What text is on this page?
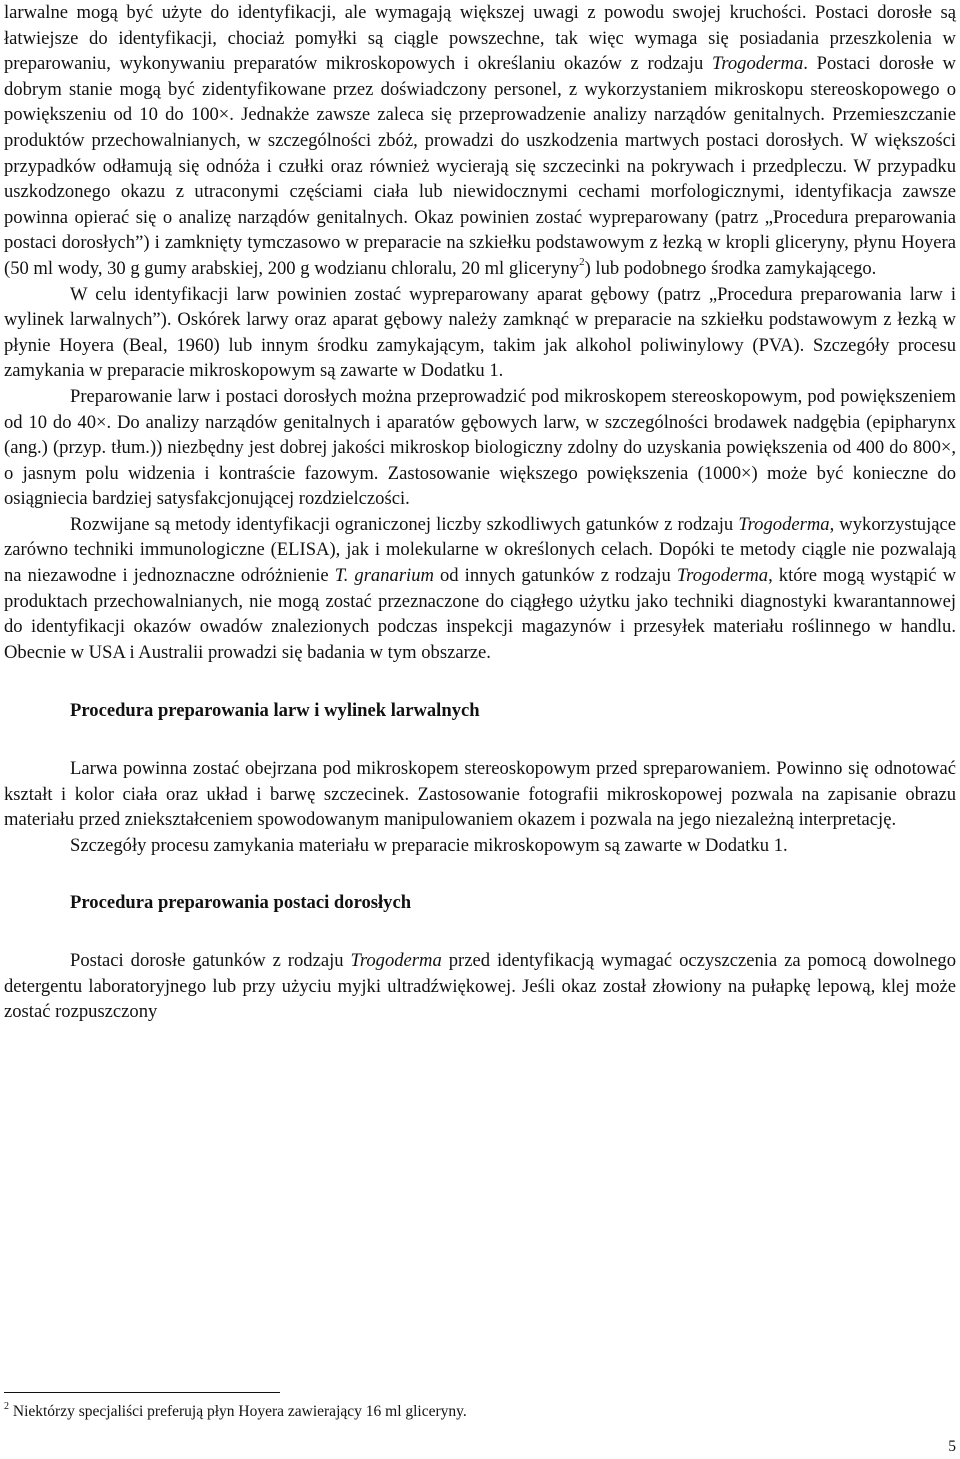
larwalne mogą być użyte do identyfikacji, ale wymagają większej uwagi z powodu swojej kruchości. Postaci dorosłe są łatwiejsze do identyfikacji, chociaż pomyłki są ciągle powszechne, tak więc wymaga się posiadania przeszkolenia w preparowaniu, wykonywaniu preparatów mikroskopowych i określaniu okazów z rodzaju Trogoderma. Postaci dorosłe w dobrym stanie mogą być zidentyfikowane przez doświadczony personel, z wykorzystaniem mikroskopu stereoskopowego o powiększeniu od 10 do 100×. Jednakże zawsze zaleca się przeprowadzenie analizy narządów genitalnych. Przemieszczanie produktów przechowalnianych, w szczególności zbóż, prowadzi do uszkodzenia martwych postaci dorosłych. W większości przypadków odłamują się odnóża i czułki oraz również wycierają się szczecinki na pokrywach i przedpleczu. W przypadku uszkodzonego okazu z utraconymi częściami ciała lub niewidocznymi cechami morfologicznymi, identyfikacja zawsze powinna opierać się o analizę narządów genitalnych. Okaz powinien zostać wypreparowany (patrz „Procedura preparowania postaci dorosłych”) i zamknięty tymczasowo w preparacie na szkiełku podstawowym z łezką w kropli gliceryny, płynu Hoyera (50 ml wody, 30 g gumy arabskiej, 200 g wodzianu chloralu, 20 ml gliceryny$^2$) lub podobnego środka zamykającego.

W celu identyfikacji larw powinien zostać wypreparowany aparat gębowy (patrz „Procedura preparowania larw i wylinek larwalnych”). Oskórek larwy oraz aparat gębowy należy zamknąć w preparacie na szkiełku podstawowym z łezką w płynie Hoyera (Beal, 1960) lub innym środku zamykającym, takim jak alkohol poliwinylowy (PVA). Szczegóły procesu zamykania w preparacie mikroskopowym są zawarte w Dodatku 1.

Preparowanie larw i postaci dorosłych można przeprowadzić pod mikroskopem stereoskopowym, pod powiększeniem od 10 do 40×. Do analizy narządów genitalnych i aparatów gębowych larw, w szczególności brodawek nadgębia (epipharynx (ang.) (przyp. tłum.)) niezbędny jest dobrej jakości mikroskop biologiczny zdolny do uzyskania powiększenia od 400 do 800×, o jasnym polu widzenia i kontraście fazowym. Zastosowanie większego powiększenia (1000×) może być konieczne do osiągniecia bardziej satysfakcjonującej rozdzielczości.

Rozwijane są metody identyfikacji ograniczonej liczby szkodliwych gatunków z rodzaju Trogoderma, wykorzystujące zarówno techniki immunologiczne (ELISA), jak i molekularne w określonych celach. Dopóki te metody ciągle nie pozwalają na niezawodne i jednoznaczne odróżnienie T. granarium od innych gatunków z rodzaju Trogoderma, które mogą wystąpić w produktach przechowalnianych, nie mogą zostać przeznaczone do ciągłego użytku jako techniki diagnostyki kwarantannowej do identyfikacji okazów owadów znalezionych podczas inspekcji magazynów i przesyłek materiału roślinnego w handlu. Obecnie w USA i Australii prowadzi się badania w tym obszarze.

Procedura preparowania larw i wylinek larwalnych

Larwa powinna zostać obejrzana pod mikroskopem stereoskopowym przed spreparowaniem. Powinno się odnotować kształt i kolor ciała oraz układ i barwę szczecinek. Zastosowanie fotografii mikroskopowej pozwala na zapisanie obrazu materiału przed zniekształceniem spowodowanym manipulowaniem okazem i pozwala na jego niezależną interpretację.

Szczegóły procesu zamykania materiału w preparacie mikroskopowym są zawarte w Dodatku 1.

Procedura preparowania postaci dorosłych

Postaci dorosłe gatunków z rodzaju Trogoderma przed identyfikacją wymagać oczyszczenia za pomocą dowolnego detergentu laboratoryjnego lub przy użyciu myjki ultradźwiękowej. Jeśli okaz został złowiony na pułapkę lepową, klej może zostać rozpuszczony

$^2$ Niektórzy specjaliści preferują płyn Hoyera zawierający 16 ml gliceryny.

5
